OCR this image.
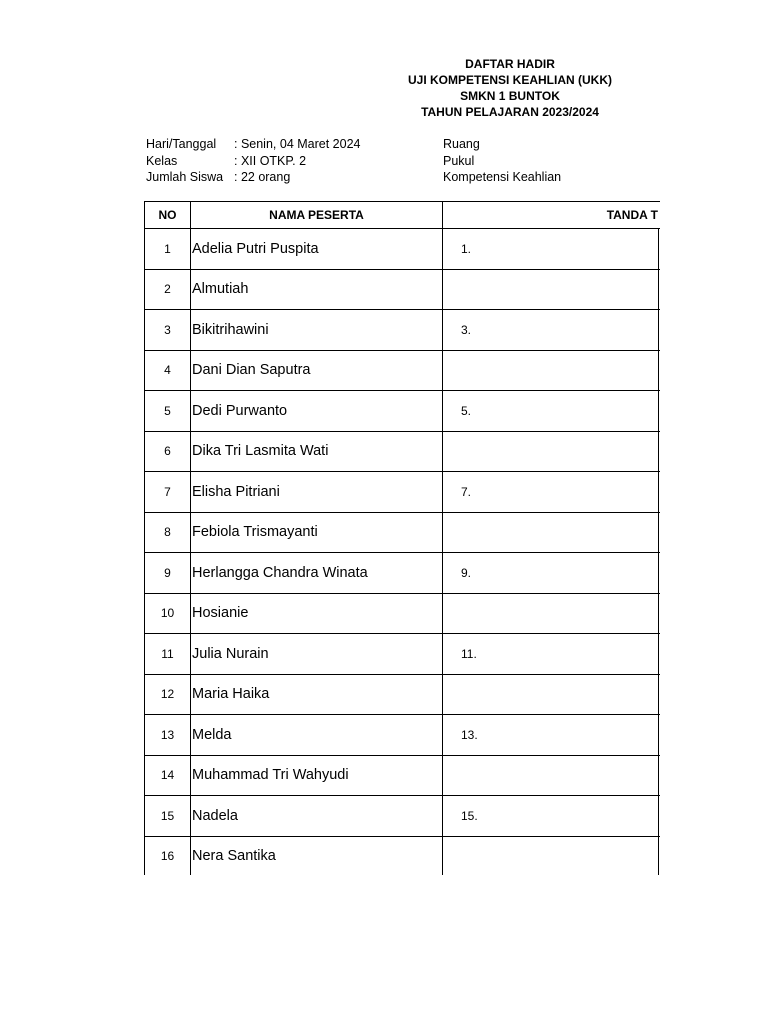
DAFTAR HADIR
UJI KOMPETENSI KEAHLIAN (UKK)
SMKN 1 BUNTOK
TAHUN PELAJARAN 2023/2024
Hari/Tanggal	: Senin, 04 Maret 2024
Kelas	: XII OTKP. 2
Jumlah Siswa : 22 orang
Ruang
Pukul
Kompetensi Keahlian
NO	NAMA PESERTA	TANDA T	
1	Adelia Putri Puspita	1.	
2	Almutiah		
3	Bikitrihawini	3.	
4	Dani Dian Saputra		
5	Dedi Purwanto	5.	
6	Dika Tri Lasmita Wati		
7	Elisha Pitriani	7.	
8	Febiola Trismayanti		
9	Herlangga Chandra Winata	9.	
10	Hosianie		
11	Julia Nurain	11.	
12	Maria Haika		
13	Melda	13.	
14	Muhammad Tri Wahyudi		
15	Nadela	15.	
16	Nera Santika		
